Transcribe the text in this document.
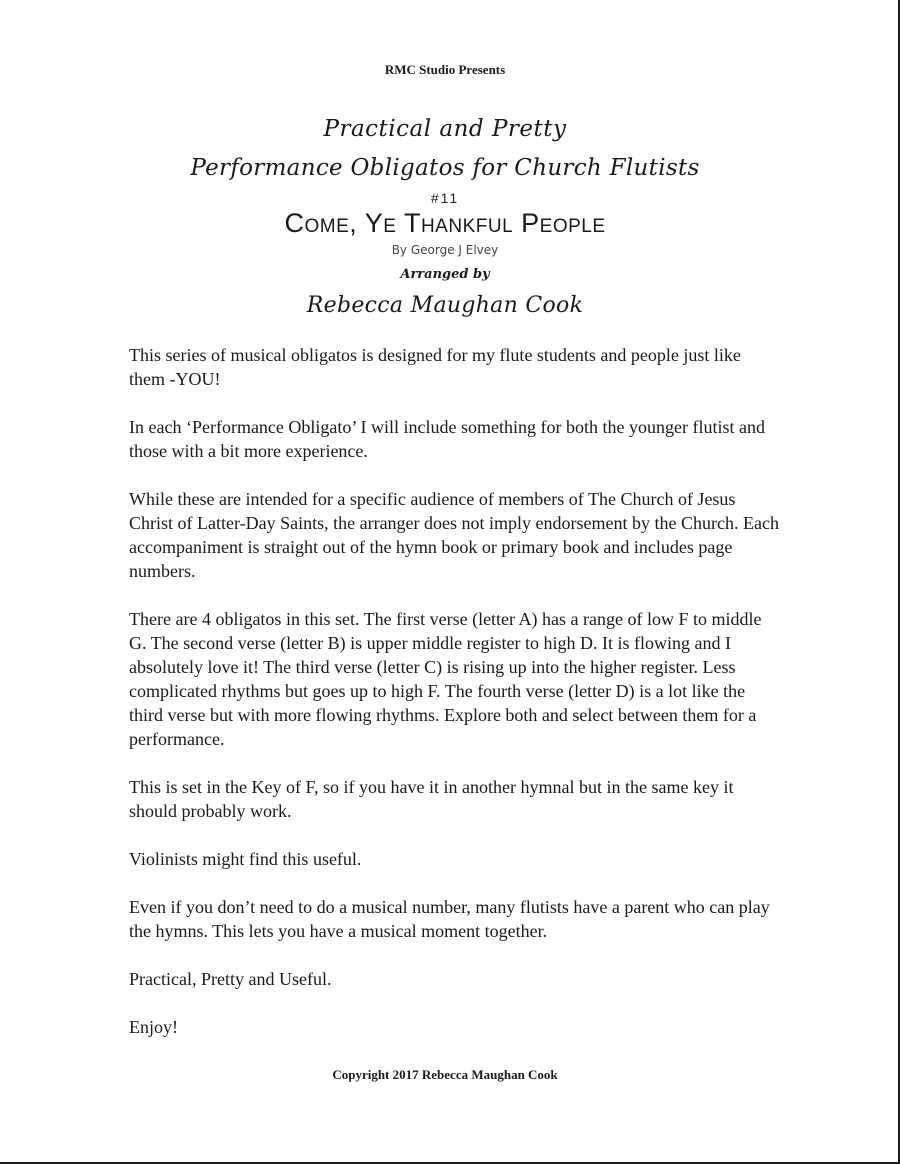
RMC Studio Presents
Practical and Pretty
Performance Obligatos for Church Flutists
#11
Come, Ye Thankful People
By George J Elvey
Arranged by
Rebecca Maughan Cook

This series of musical obligatos is designed for my flute students and people just like them -YOU!

In each ‘Performance Obligato’ I will include something for both the younger flutist and those with a bit more experience.

While these are intended for a specific audience of members of The Church of Jesus Christ of Latter-Day Saints, the arranger does not imply endorsement by the Church. Each accompaniment is straight out of the hymn book or primary book and includes page numbers.

There are 4 obligatos in this set. The first verse (letter A) has a range of low F to middle G. The second verse (letter B) is upper middle register to high D. It is flowing and I absolutely love it! The third verse (letter C) is rising up into the higher register. Less complicated rhythms but goes up to high F. The fourth verse (letter D) is a lot like the third verse but with more flowing rhythms. Explore both and select between them for a performance.

This is set in the Key of F, so if you have it in another hymnal but in the same key it should probably work.

Violinists might find this useful.

Even if you don’t need to do a musical number, many flutists have a parent who can play the hymns. This lets you have a musical moment together.

Practical, Pretty and Useful.

Enjoy!

Copyright 2017 Rebecca Maughan Cook
